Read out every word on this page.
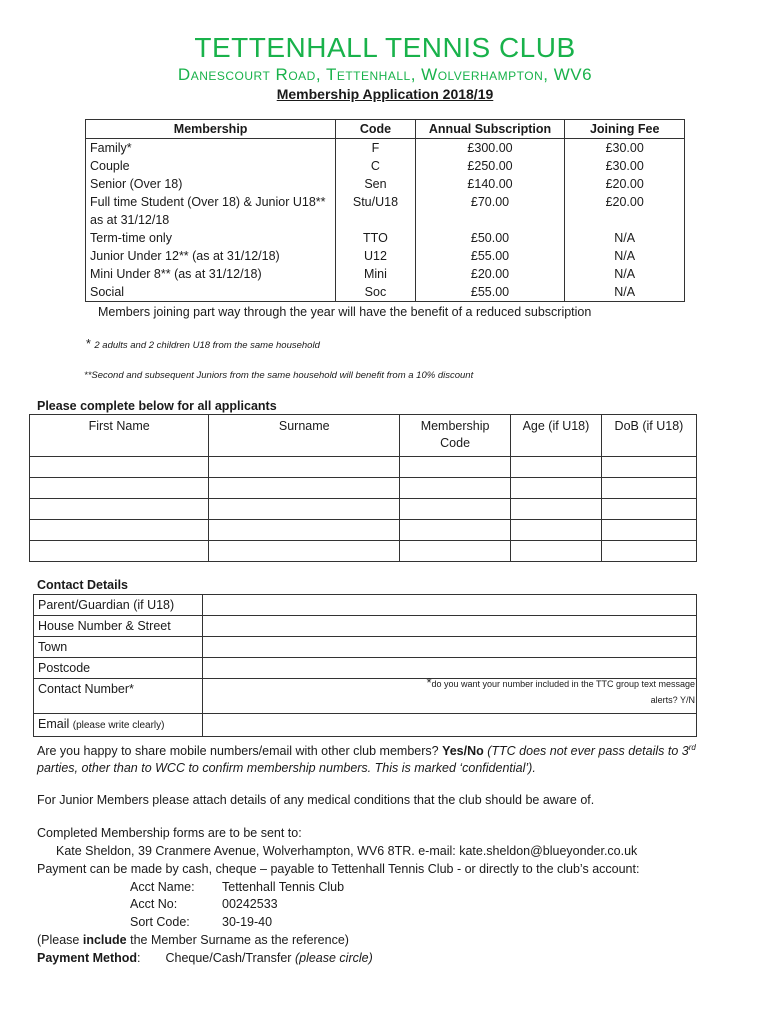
TETTENHALL TENNIS CLUB
Danescourt Road, Tettenhall, Wolverhampton, WV6
Membership Application 2018/19
Membership	Code	Annual Subscription	Joining Fee
Family*	F	£300.00	£30.00
Couple	C	£250.00	£30.00
Senior (Over 18)	Sen	£140.00	£20.00
Full time Student (Over 18) & Junior U18** as at 31/12/18	Stu/U18	£70.00	£20.00
Term-time only	TTO	£50.00	N/A
Junior Under 12** (as at 31/12/18)	U12	£55.00	N/A
Mini Under 8** (as at 31/12/18)	Mini	£20.00	N/A
Social	Soc	£55.00	N/A
Members joining part way through the year will have the benefit of a reduced subscription
* 2 adults and 2 children U18 from the same household
**Second and subsequent Juniors from the same household will benefit from a 10% discount
Please complete below for all applicants
First Name	Surname	Membership Code	Age (if U18)	DoB (if U18)

Contact Details
Parent/Guardian (if U18)	
House Number & Street	
Town	
Postcode	
Contact Number*	*do you want your number included in the TTC group text message alerts? Y/N

Email (please write clearly)	
Are you happy to share mobile numbers/email with other club members? Yes/No (TTC does not ever pass details to 3rd parties, other than to WCC to confirm membership numbers. This is marked ‘confidential’).
For Junior Members please attach details of any medical conditions that the club should be aware of.
Completed Membership forms are to be sent to:
Kate Sheldon, 39 Cranmere Avenue, Wolverhampton, WV6 8TR. e-mail: kate.sheldon@blueyonder.co.uk
Payment can be made by cash, cheque – payable to Tettenhall Tennis Club - or directly to the club’s account:
Acct Name: Tettenhall Tennis Club
Acct No:	00242533
Sort Code:	30-19-40
(Please include the Member Surname as the reference)
Payment Method: Cheque/Cash/Transfer (please circle)
